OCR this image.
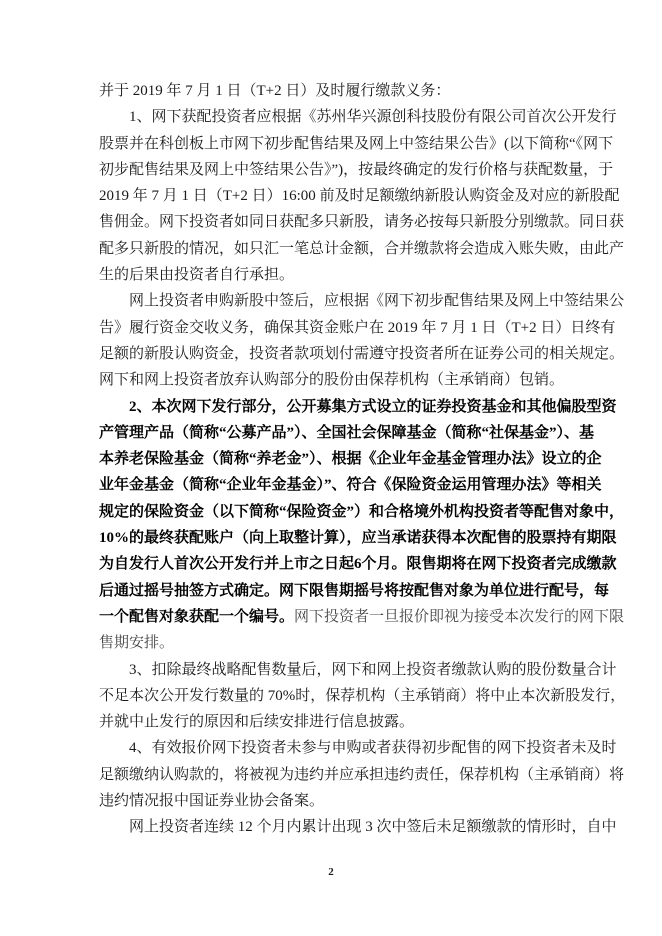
并于 2019 年 7 月 1 日（T+2 日）及时履行缴款义务：
1、网下获配投资者应根据《苏州华兴源创科技股份有限公司首次公开发行
股票并在科创板上市网下初步配售结果及网上中签结果公告》(以下简称“《网下
初步配售结果及网上中签结果公告》”)，按最终确定的发行价格与获配数量，于
2019 年 7 月 1 日（T+2 日）16:00 前及时足额缴纳新股认购资金及对应的新股配
售佣金。网下投资者如同日获配多只新股，请务必按每只新股分别缴款。同日获
配多只新股的情况，如只汇一笔总计金额，合并缴款将会造成入账失败，由此产
生的后果由投资者自行承担。
网上投资者申购新股中签后，应根据《网下初步配售结果及网上中签结果公
告》履行资金交收义务，确保其资金账户在 2019 年 7 月 1 日（T+2 日）日终有
足额的新股认购资金，投资者款项划付需遵守投资者所在证券公司的相关规定。
网下和网上投资者放弃认购部分的股份由保荐机构（主承销商）包销。
2、本次网下发行部分，公开募集方式设立的证券投资基金和其他偏股型资
产管理产品（简称“公募产品”）、全国社会保障基金（简称“社保基金”）、基
本养老保险基金（简称“养老金”）、根据《企业年金基金管理办法》设立的企
业年金基金（简称“企业年金基金）”、符合《保险资金运用管理办法》等相关
规定的保险资金（以下简称“保险资金”）和合格境外机构投资者等配售对象中，
10%的最终获配账户（向上取整计算），应当承诺获得本次配售的股票持有期限
为自发行人首次公开发行并上市之日起6个月。限售期将在网下投资者完成缴款
后通过摇号抽签方式确定。网下限售期摇号将按配售对象为单位进行配号，每
一个配售对象获配一个编号。网下投资者一旦报价即视为接受本次发行的网下限
售期安排。
3、扣除最终战略配售数量后，网下和网上投资者缴款认购的股份数量合计
不足本次公开发行数量的 70%时，保荐机构（主承销商）将中止本次新股发行，
并就中止发行的原因和后续安排进行信息披露。
4、有效报价网下投资者未参与申购或者获得初步配售的网下投资者未及时
足额缴纳认购款的，将被视为违约并应承担违约责任，保荐机构（主承销商）将
违约情况报中国证券业协会备案。
网上投资者连续 12 个月内累计出现 3 次中签后未足额缴款的情形时，自中
2
